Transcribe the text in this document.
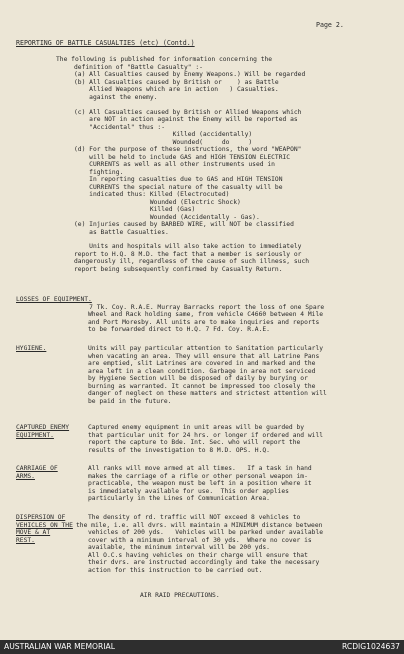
Page 2.
REPORTING OF BATTLE CASUALTIES (etc) (Contd.)

The following is published for information concerning the

definition of "Battle Casualty" :-

(a) All Casualties caused by Enemy Weapons.) Will be regarded

(b) All Casualties caused by British or    ) as Battle

Allied Weapons which are in action   ) Casualties.

against the enemy.

(c) All Casualties caused by British or Allied Weapons which

are NOT in action against the Enemy will be reported as

"Accidental" thus :-

Killed (accidentally)

Wounded(     do     )

(d) For the purpose of these instructions, the word "WEAPON"

will be held to include GAS and HIGH TENSION ELECTRIC

CURRENTS as well as all other instruments used in

fighting.

In reporting casualties due to GAS and HIGH TENSION

CURRENTS the special nature of the casualty will be

indicated thus: Killed (Electrocuted)

Wounded (Electric Shock)

Killed (Gas)

Wounded (Accidentally - Gas).

(e) Injuries caused by BARBED WIRE, will NOT be classified

as Battle Casualties.

Units and hospitals will also take action to immediately

report to H.Q. 8 M.D. the fact that a member is seriously or

dangerously ill, regardless of the cause of such illness, such

report being subsequently confirmed by Casualty Return.

LOSSES OF EQUIPMENT.
7 Tk. Coy. R.A.E. Murray Barracks report the loss of one Spare
Wheel and Rack holding same, from vehicle C4660 between 4 Mile
and Port Moresby. All units are to make inquiries and reports
to be forwarded direct to H.Q. 7 Fd. Coy. R.A.E.
HYGIENE.	Units will pay particular attention to Sanitation particularly
when vacating an area. They will ensure that all Latrine Pans
are emptied, slit Latrines are covered in and marked and the
area left in a clean condition. Garbage in area not serviced
by Hygiene Section will be disposed of daily by burying or
burning as warranted. It cannot be impressed too closely the
danger of neglect on these matters and strictest attention will
be paid in the future.
CAPTURED ENEMY
EQUIPMENT.
Captured enemy equipment in unit areas will be guarded by
that particular unit for 24 hrs. or longer if ordered and will
report the capture to Bde. Int. Sec. who will report the
results of the investigation to 8 M.D. OPS. H.Q.
CARRIAGE OF
ARMS.
All ranks will move armed at all times.   If a task in hand
makes the carriage of a rifle or other personal weapon im-
practicable, the weapon must be left in a position where it
is immediately available for use.  This order applies
particularly in the Lines of Communication Area.
DISPERSION OF
VEHICLES ON THE
MOVE & AT
REST.
The density of rd. traffic will NOT exceed 8 vehicles to
the mile, i.e. all dvrs. will maintain a MINIMUM distance between
vehicles of 200 yds.   Vehicles will be parked under available
cover with a minimum interval of 30 yds.  Where no cover is
available, the minimum interval will be 200 yds.
All O.C.s having vehicles on their charge will ensure that
their dvrs. are instructed accordingly and take the necessary
action for this instruction to be carried out.
AIR RAID PRECAUTIONS.
AUSTRALIAN WAR MEMORIAL	RCDIG1024637
